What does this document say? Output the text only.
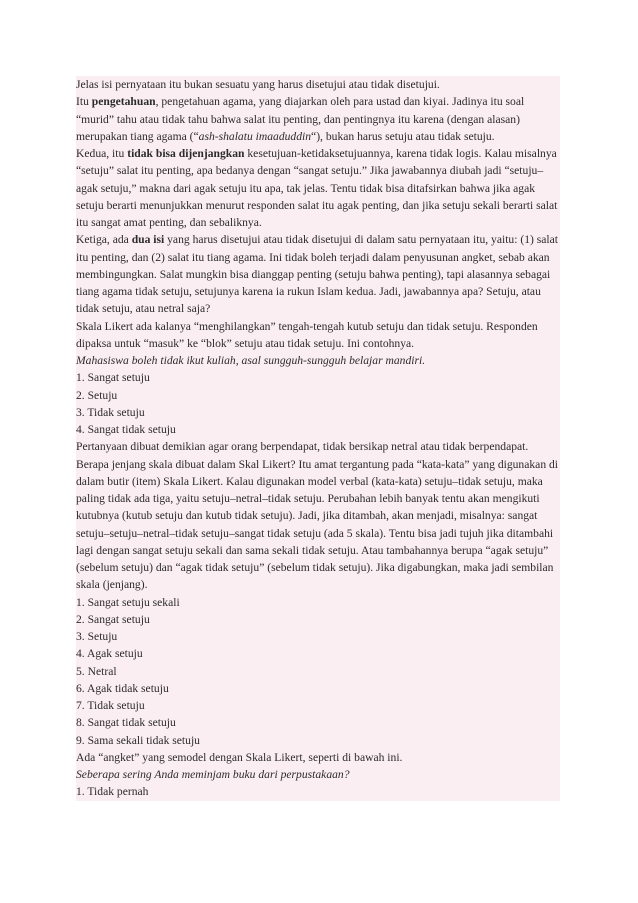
Jelas isi pernyataan itu bukan sesuatu yang harus disetujui atau tidak disetujui.

Itu pengetahuan, pengetahuan agama, yang diajarkan oleh para ustad dan kiyai. Jadinya itu soal “murid” tahu atau tidak tahu bahwa salat itu penting, dan pentingnya itu karena (dengan alasan) merupakan tiang agama (“ash-shalatu imaaduddin“), bukan harus setuju atau tidak setuju.

Kedua, itu tidak bisa dijenjangkan kesetujuan-ketidaksetujuannya, karena tidak logis. Kalau misalnya “setuju” salat itu penting, apa bedanya dengan “sangat setuju.” Jika jawabannya diubah jadi “setuju–agak setuju,” makna dari agak setuju itu apa, tak jelas. Tentu tidak bisa ditafsirkan bahwa jika agak setuju berarti menunjukkan menurut responden salat itu agak penting, dan jika setuju sekali berarti salat itu sangat amat penting, dan sebaliknya.

Ketiga, ada dua isi yang harus disetujui atau tidak disetujui di dalam satu pernyataan itu, yaitu: (1) salat itu penting, dan (2) salat itu tiang agama. Ini tidak boleh terjadi dalam penyusunan angket, sebab akan membingungkan. Salat mungkin bisa dianggap penting (setuju bahwa penting), tapi alasannya sebagai tiang agama tidak setuju, setujunya karena ia rukun Islam kedua. Jadi, jawabannya apa? Setuju, atau tidak setuju, atau netral saja?

Skala Likert ada kalanya “menghilangkan” tengah-tengah kutub setuju dan tidak setuju. Responden dipaksa untuk “masuk” ke “blok” setuju atau tidak setuju. Ini contohnya.

Mahasiswa boleh tidak ikut kuliah, asal sungguh-sungguh belajar mandiri.

1. Sangat setuju

2. Setuju

3. Tidak setuju

4. Sangat tidak setuju

Pertanyaan dibuat demikian agar orang berpendapat, tidak bersikap netral atau tidak berpendapat.

Berapa jenjang skala dibuat dalam Skal Likert? Itu amat tergantung pada “kata-kata” yang digunakan di dalam butir (item) Skala Likert. Kalau digunakan model verbal (kata-kata) setuju–tidak setuju, maka paling tidak ada tiga, yaitu setuju–netral–tidak setuju. Perubahan lebih banyak tentu akan mengikuti kutubnya (kutub setuju dan kutub tidak setuju). Jadi, jika ditambah, akan menjadi, misalnya: sangat setuju–setuju–netral–tidak setuju–sangat tidak setuju (ada 5 skala). Tentu bisa jadi tujuh jika ditambahi lagi dengan sangat setuju sekali dan sama sekali tidak setuju. Atau tambahannya berupa “agak setuju” (sebelum setuju) dan “agak tidak setuju” (sebelum tidak setuju). Jika digabungkan, maka jadi sembilan skala (jenjang).

1. Sangat setuju sekali

2. Sangat setuju

3. Setuju

4. Agak setuju

5. Netral

6. Agak tidak setuju

7. Tidak setuju

8. Sangat tidak setuju

9. Sama sekali tidak setuju

Ada “angket” yang semodel dengan Skala Likert, seperti di bawah ini.

Seberapa sering Anda meminjam buku dari perpustakaan?

1. Tidak pernah
